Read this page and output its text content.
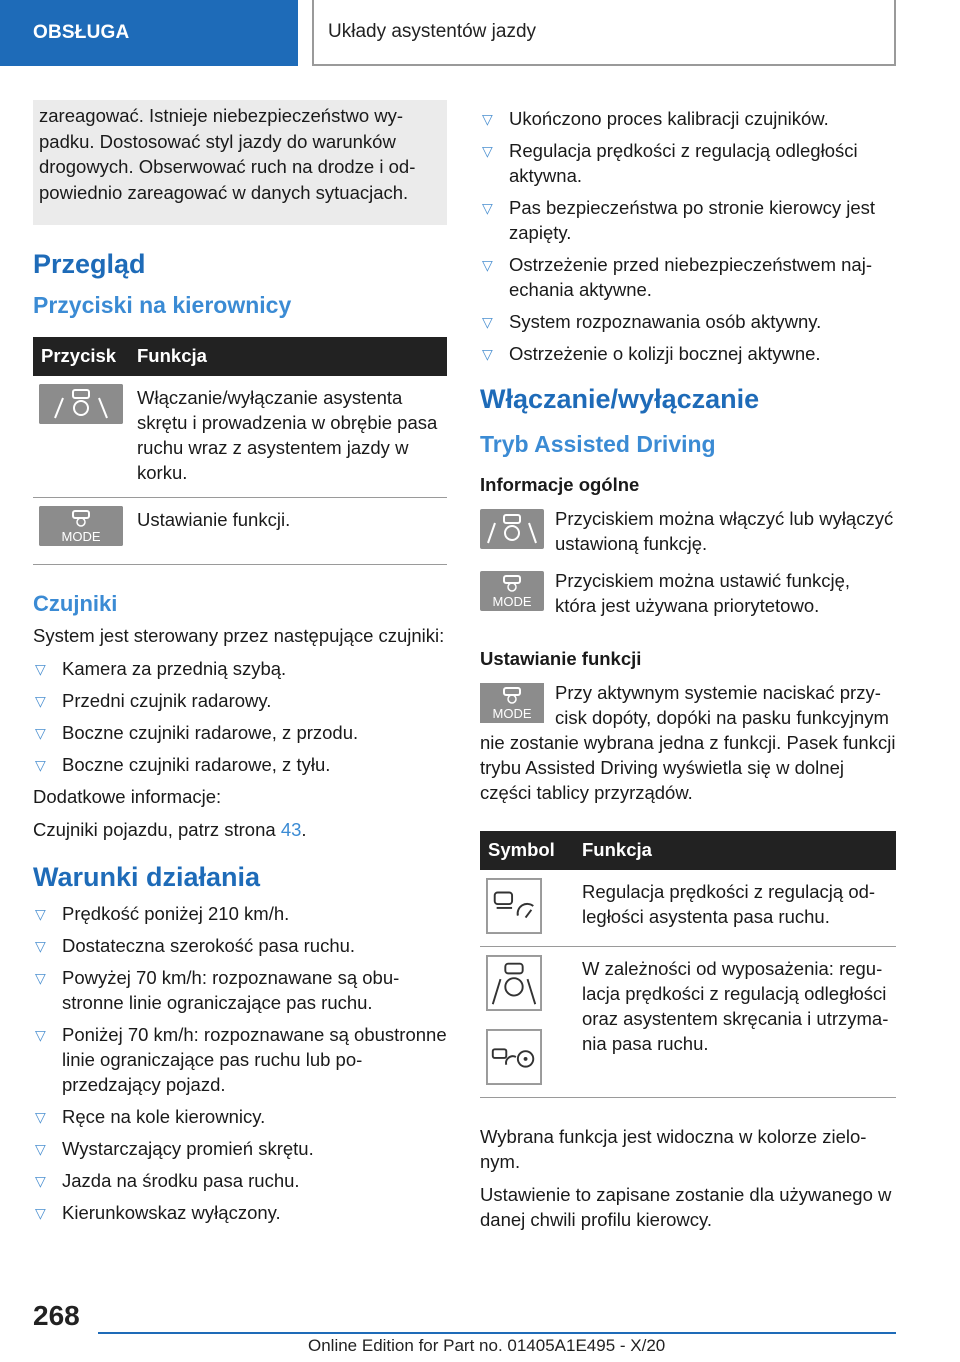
OBSŁUGA	Układy asystentów jazdy
zareagować. Istnieje niebezpieczeństwo wypadku. Dostosować styl jazdy do warunków drogowych. Obserwować ruch na drodze i odpowiednio zareagować w danych sytuacjach.
Przegląd
Przyciski na kierownicy
Przycisk	Funkcja
	Włączanie/wyłączanie asystenta skrętu i prowadzenia w obrębie pasa ruchu wraz z asystentem jazdy w korku.

MODE	Ustawianie funkcji.
Czujniki
System jest sterowany przez następujące czujniki:
▽ Kamera za przednią szybą.
▽ Przedni czujnik radarowy.
▽ Boczne czujniki radarowe, z przodu.
▽ Boczne czujniki radarowe, z tyłu.
Dodatkowe informacje:
Czujniki pojazdu, patrz strona 43.
Warunki działania
▽ Prędkość poniżej 210 km/h.
▽ Dostateczna szerokość pasa ruchu.
▽ Powyżej 70 km/h: rozpoznawane są obustronne linie ograniczające pas ruchu.
▽ Poniżej 70 km/h: rozpoznawane są obustronne linie ograniczające pas ruchu lub poprzedzający pojazd.
▽ Ręce na kole kierownicy.
▽ Wystarczający promień skrętu.
▽ Jazda na środku pasa ruchu.
▽ Kierunkowskaz wyłączony.
▽ Ukończono proces kalibracji czujników.
▽ Regulacja prędkości z regulacją odległości aktywna.
▽ Pas bezpieczeństwa po stronie kierowcy jest zapięty.
▽ Ostrzeżenie przed niebezpieczeństwem najechania aktywne.
▽ System rozpoznawania osób aktywny.
▽ Ostrzeżenie o kolizji bocznej aktywne.
Włączanie/wyłączanie
Tryb Assisted Driving
Informacje ogólne
Przyciskiem można włączyć lub wyłączyć ustawioną funkcję.
MODE
Przyciskiem można ustawić funkcję, która jest używana priorytetowo.
Ustawianie funkcji
MODE
Przy aktywnym systemie naciskać przycisk dopóty, dopóki na pasku funkcyjnym nie zostanie wybrana jedna z funkcji. Pasek funkcji trybu Assisted Driving wyświetla się w dolnej części tablicy przyrządów.
Symbol	Funkcja

	Regulacja prędkości z regulacją odległości asystenta pasa ruchu.

	W zależności od wyposażenia: regulacja prędkości z regulacją odległości oraz asystentem skręcania i utrzymania pasa ruchu.
Wybrana funkcja jest widoczna w kolorze zielonym.
Ustawienie to zapisane zostanie dla używanego w danej chwili profilu kierowcy.
268
Online Edition for Part no. 01405A1E495 - X/20
